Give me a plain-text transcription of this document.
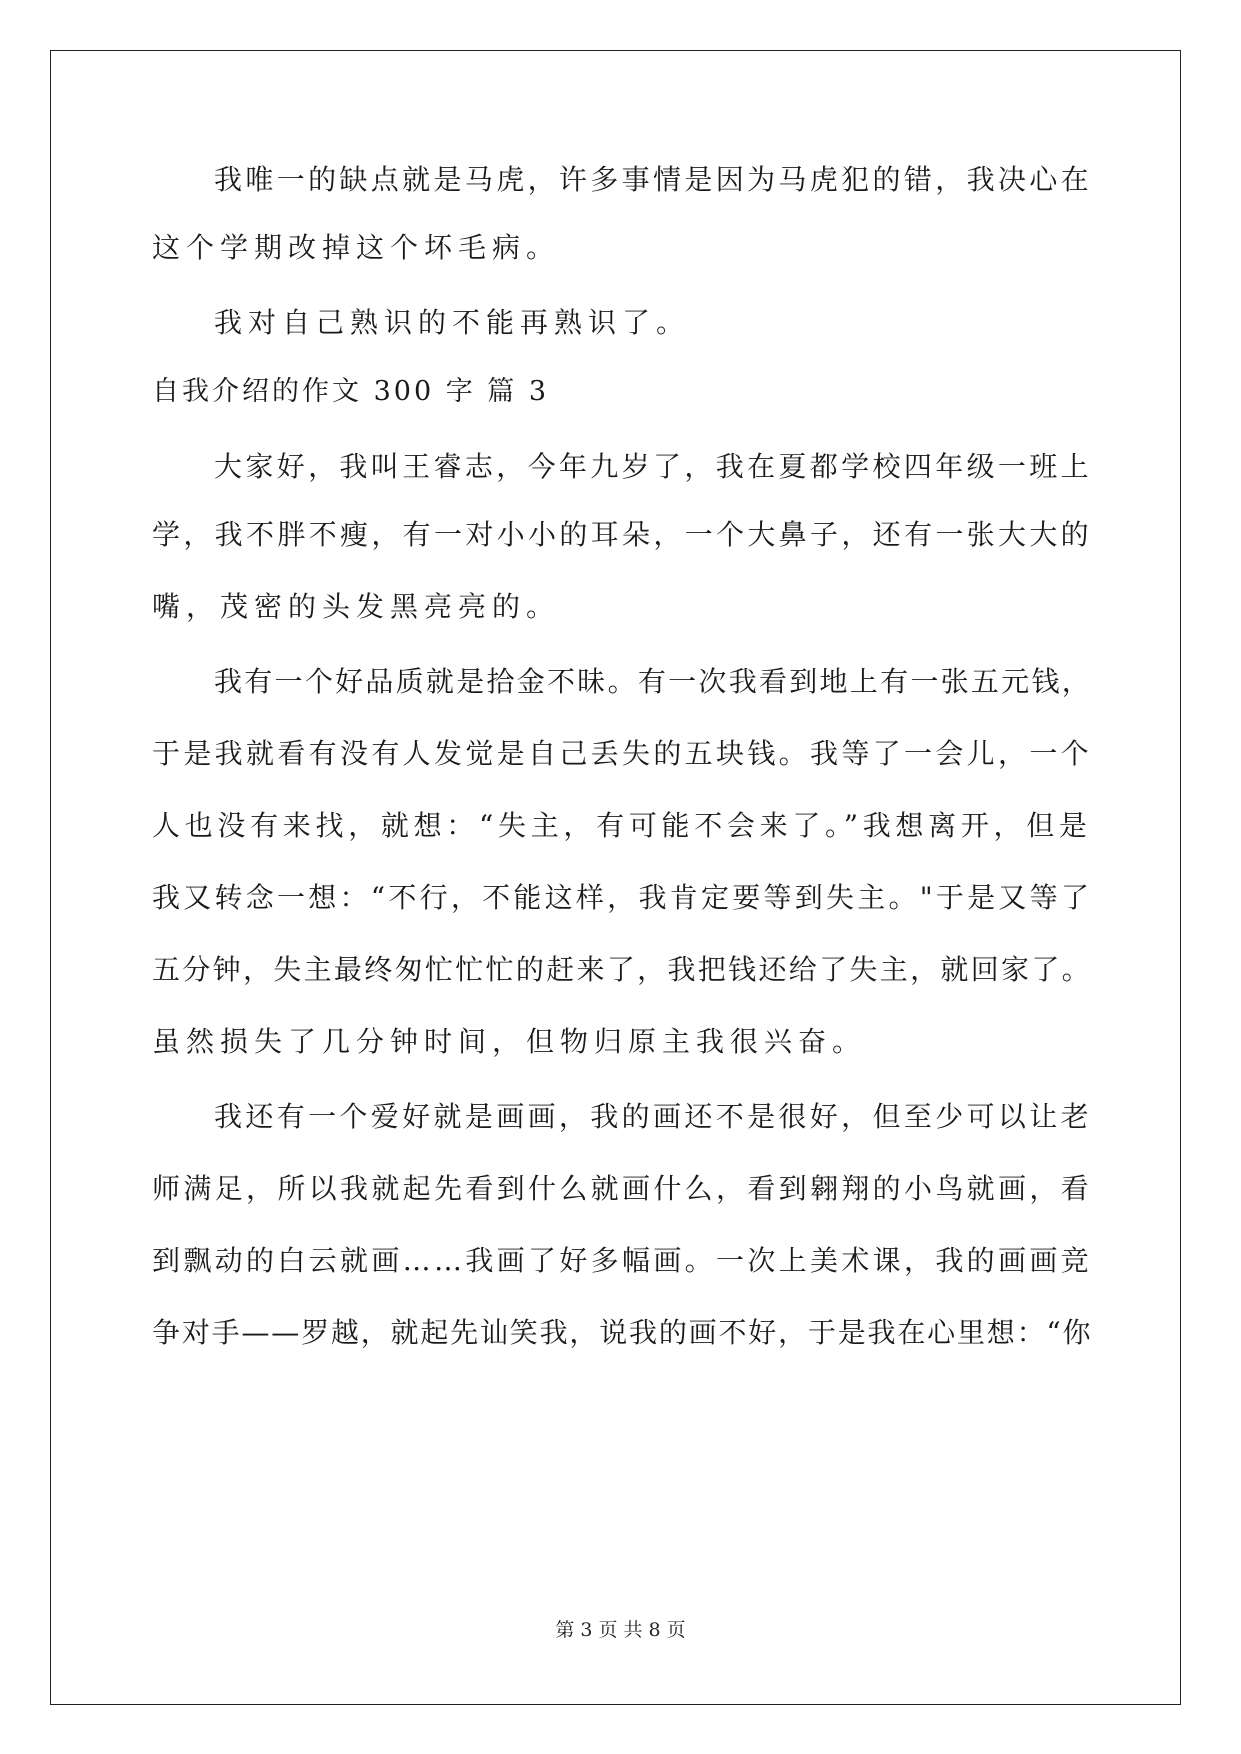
我唯一的缺点就是马虎，许多事情是因为马虎犯的错，我决心在
这个学期改掉这个坏毛病。
我对自己熟识的不能再熟识了。
自我介绍的作文 300 字 篇 3
大家好，我叫王睿志，今年九岁了，我在夏都学校四年级一班上
学，我不胖不瘦，有一对小小的耳朵，一个大鼻子，还有一张大大的
嘴，茂密的头发黑亮亮的。
我有一个好品质就是拾金不昧。有一次我看到地上有一张五元钱，
于是我就看有没有人发觉是自己丢失的五块钱。我等了一会儿，一个
人也没有来找，就想：“失主，有可能不会来了。”我想离开，但是
我又转念一想：“不行，不能这样，我肯定要等到失主。"于是又等了
五分钟，失主最终匆忙忙忙的赶来了，我把钱还给了失主，就回家了。
虽然损失了几分钟时间，但物归原主我很兴奋。
我还有一个爱好就是画画，我的画还不是很好，但至少可以让老
师满足，所以我就起先看到什么就画什么，看到翱翔的小鸟就画，看
到飘动的白云就画……我画了好多幅画。一次上美术课，我的画画竞
争对手——罗越，就起先讪笑我，说我的画不好，于是我在心里想：“你
第 3 页 共 8 页
